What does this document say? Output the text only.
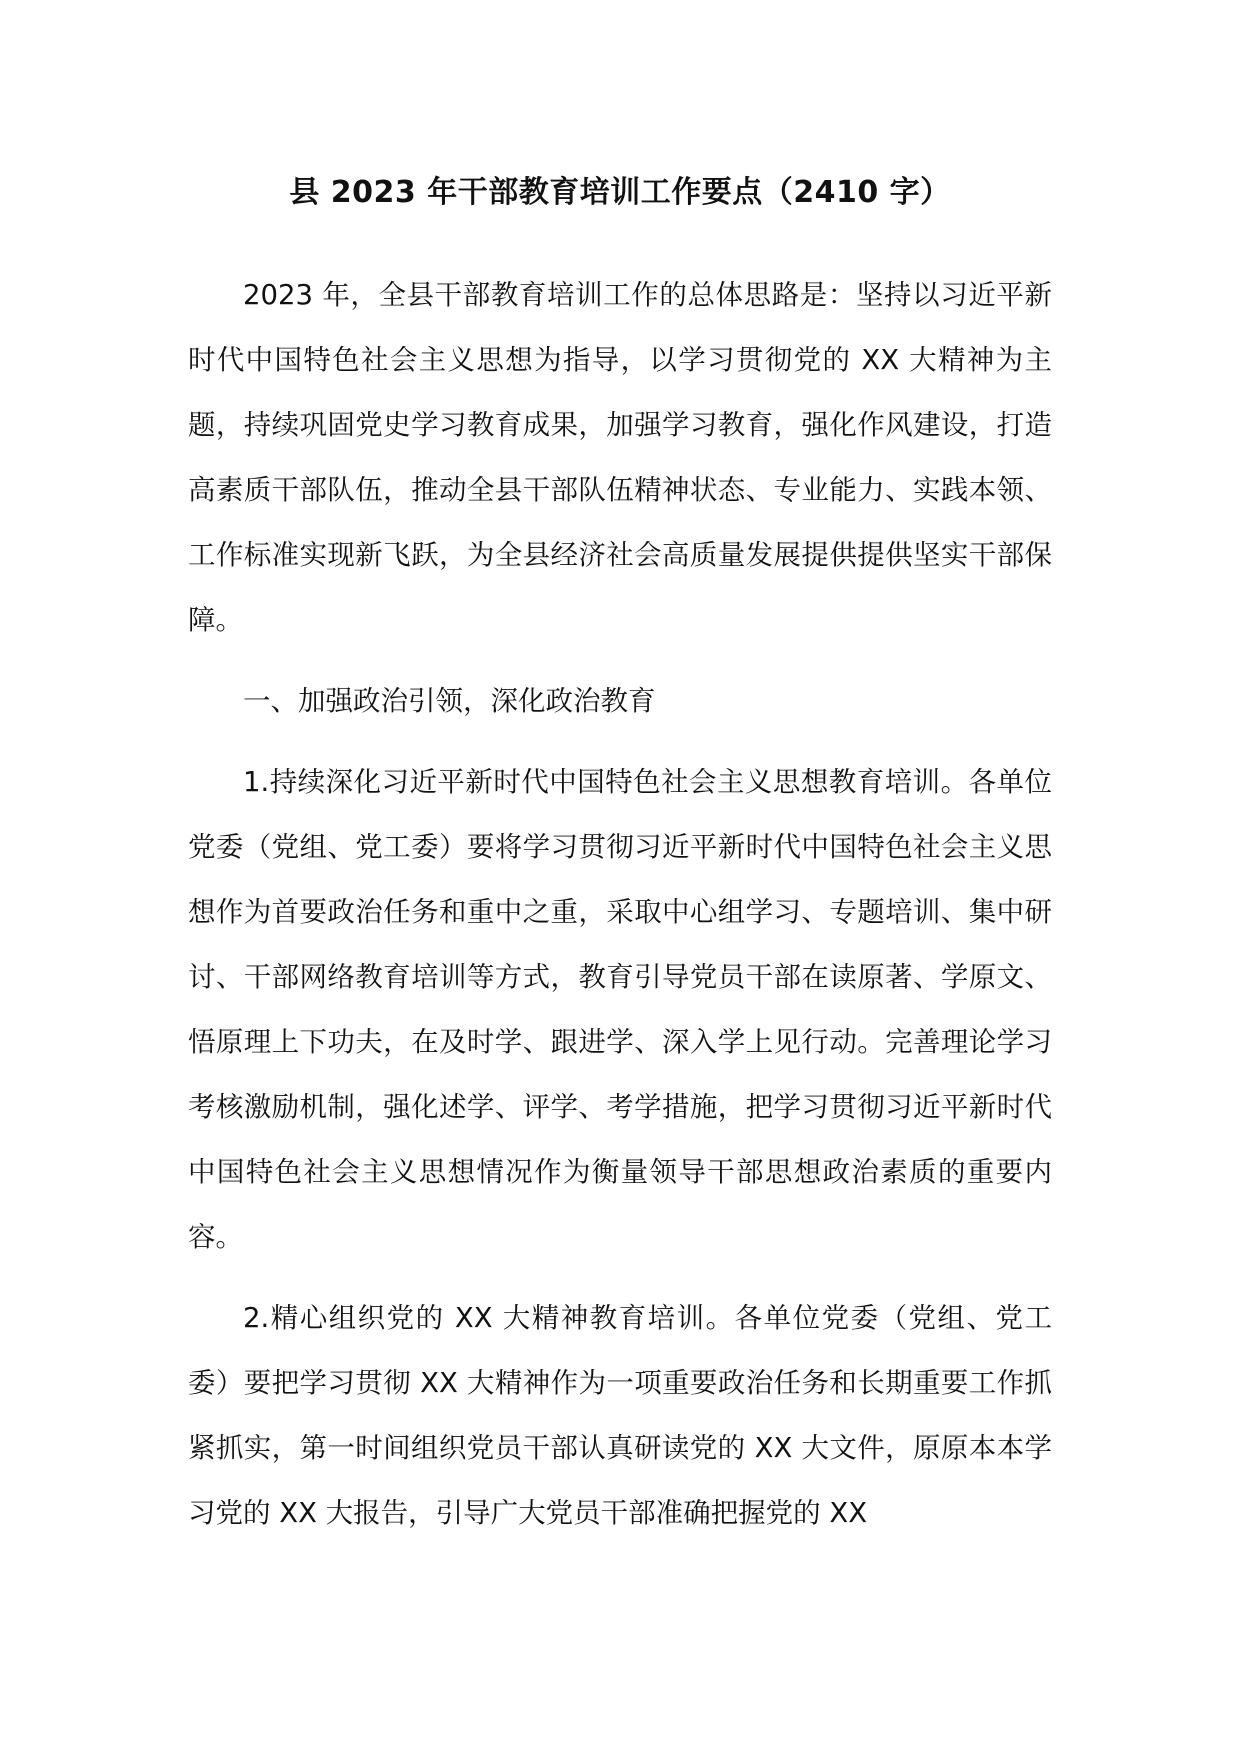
县 2023 年干部教育培训工作要点（2410 字）

2023 年，全县干部教育培训工作的总体思路是：坚持以习近平新时代中国特色社会主义思想为指导，以学习贯彻党的 XX 大精神为主题，持续巩固党史学习教育成果，加强学习教育，强化作风建设，打造高素质干部队伍，推动全县干部队伍精神状态、专业能力、实践本领、工作标准实现新飞跃，为全县经济社会高质量发展提供提供坚实干部保障。

一、加强政治引领，深化政治教育

1.持续深化习近平新时代中国特色社会主义思想教育培训。各单位党委（党组、党工委）要将学习贯彻习近平新时代中国特色社会主义思想作为首要政治任务和重中之重，采取中心组学习、专题培训、集中研讨、干部网络教育培训等方式，教育引导党员干部在读原著、学原文、悟原理上下功夫，在及时学、跟进学、深入学上见行动。完善理论学习考核激励机制，强化述学、评学、考学措施，把学习贯彻习近平新时代中国特色社会主义思想情况作为衡量领导干部思想政治素质的重要内容。

2.精心组织党的 XX 大精神教育培训。各单位党委（党组、党工委）要把学习贯彻 XX 大精神作为一项重要政治任务和长期重要工作抓紧抓实，第一时间组织党员干部认真研读党的 XX 大文件，原原本本学习党的 XX 大报告，引导广大党员干部准确把握党的 XX
